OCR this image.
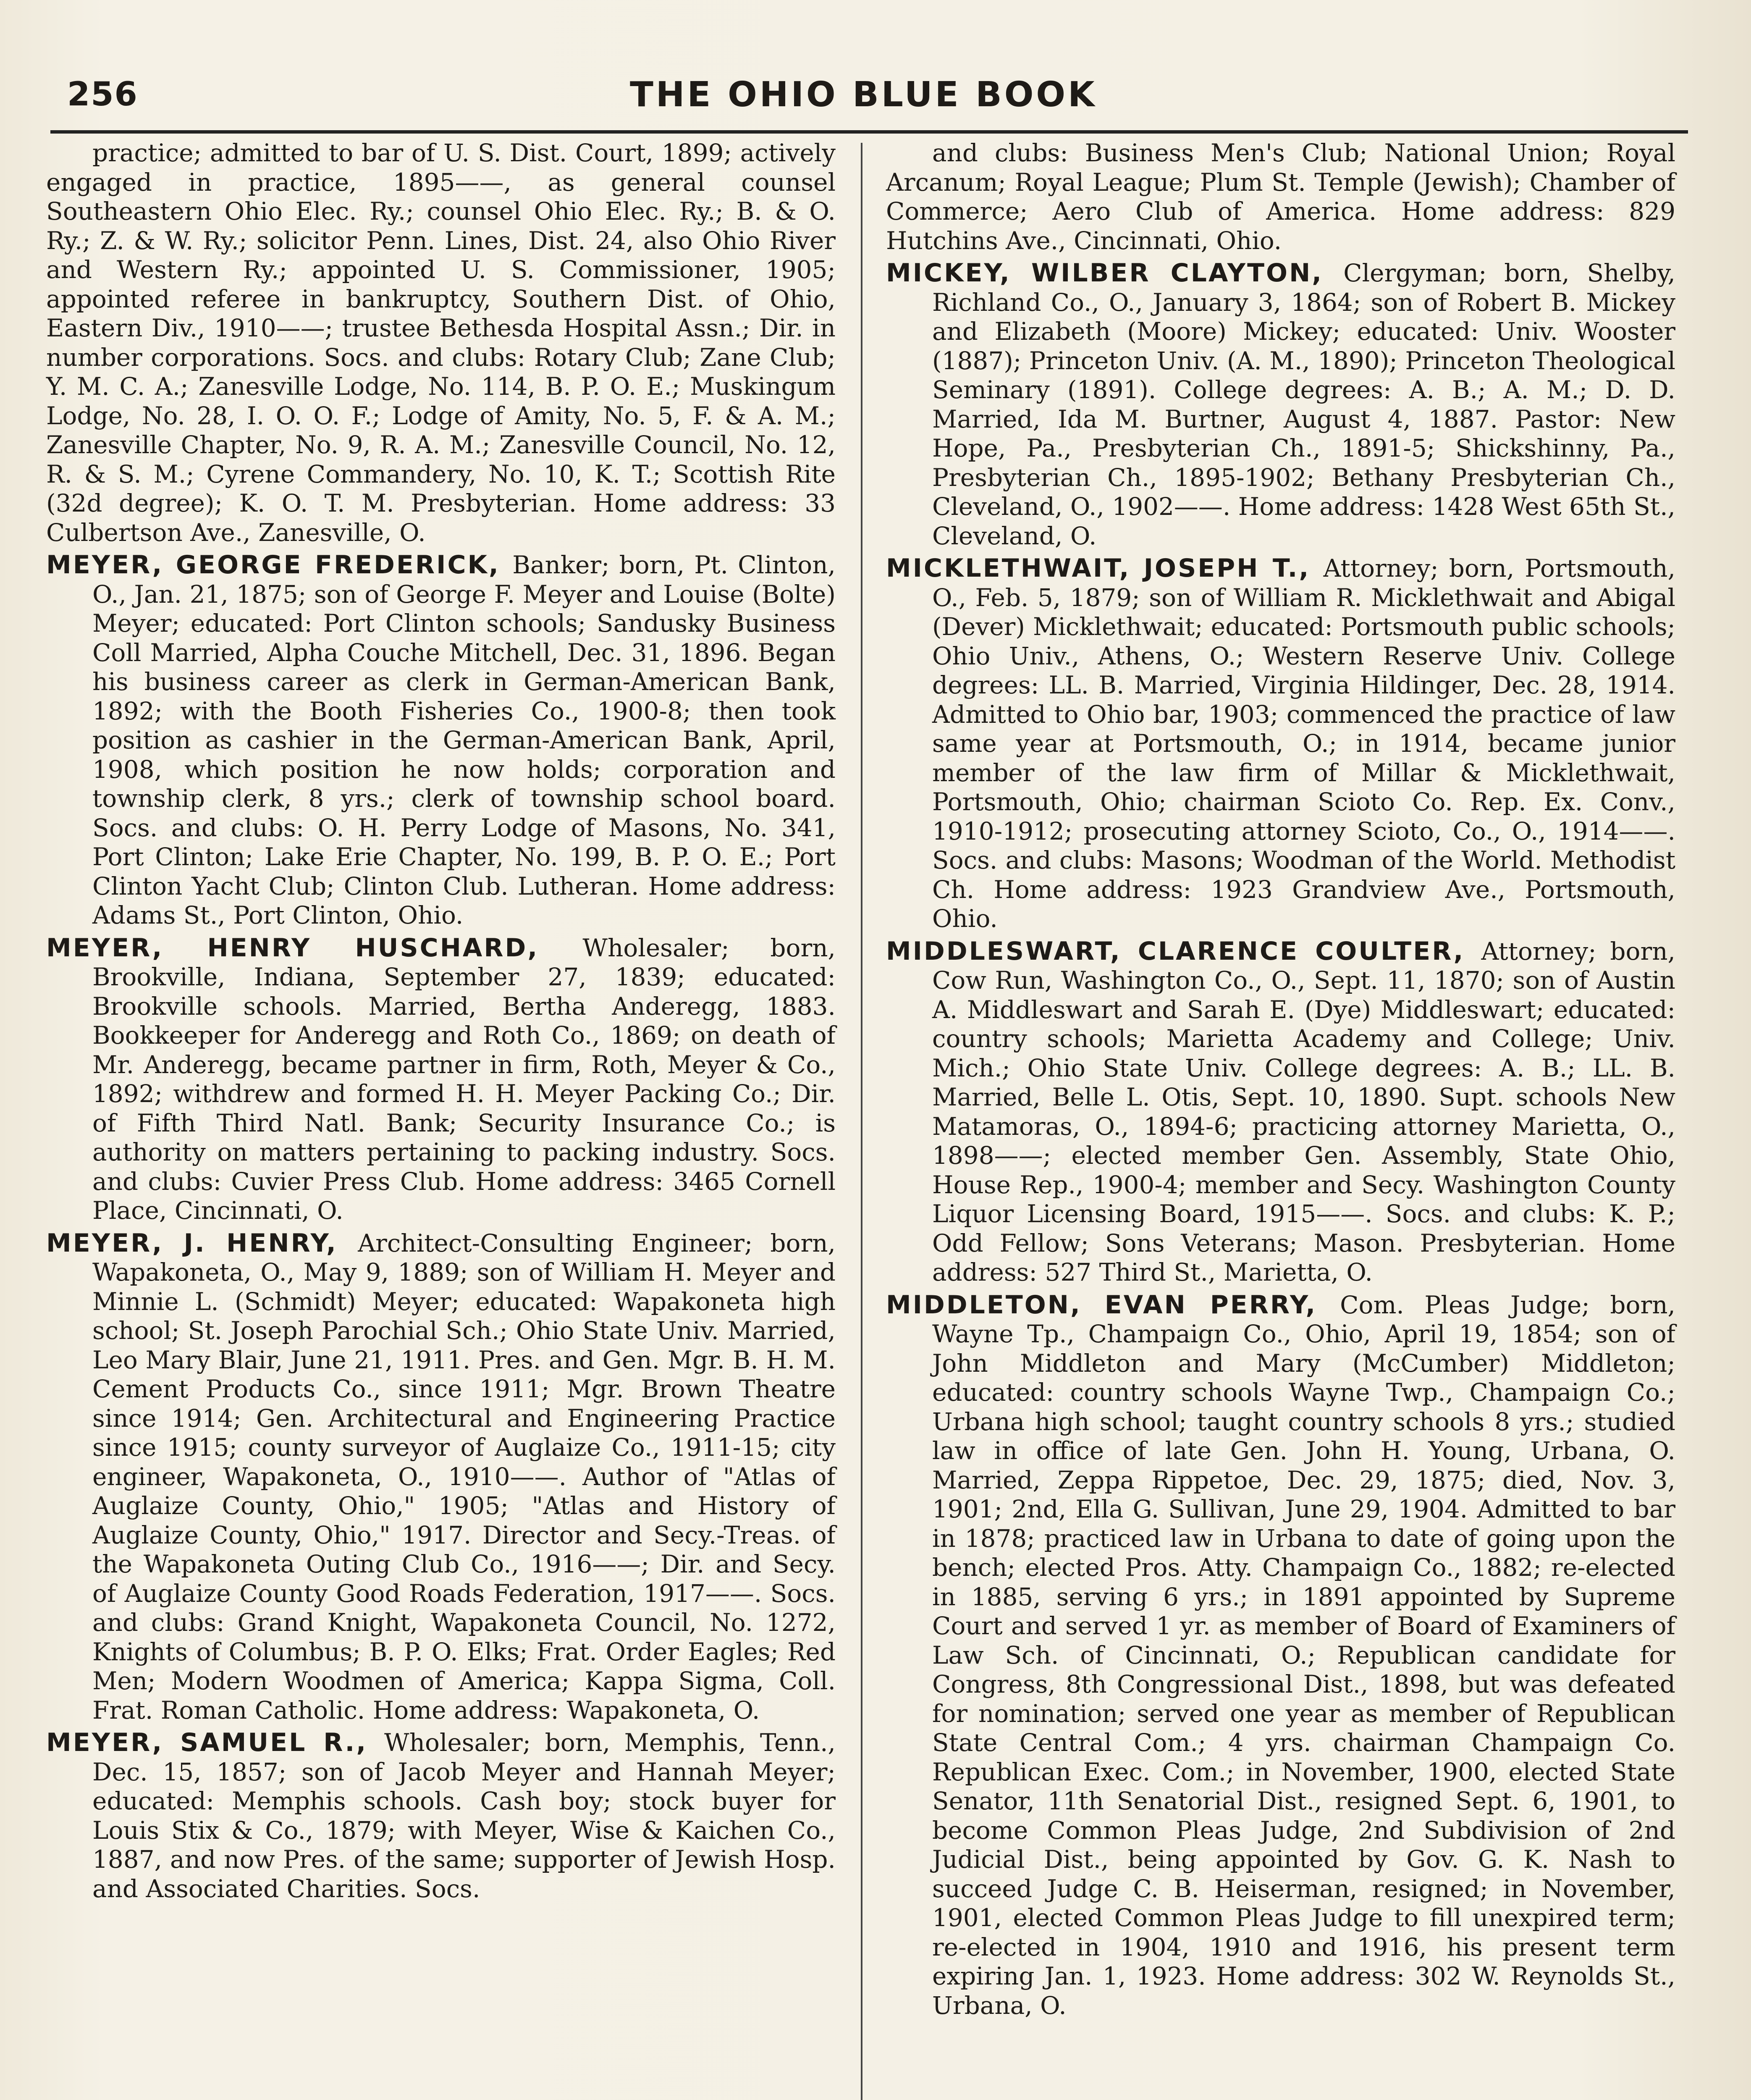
256	THE OHIO BLUE BOOK

practice; admitted to bar of U. S. Dist. Court, 1899; actively engaged in practice, 1895——, as general counsel Southeastern Ohio Elec. Ry.; counsel Ohio Elec. Ry.; B. & O. Ry.; Z. & W. Ry.; solicitor Penn. Lines, Dist. 24, also Ohio River and Western Ry.; appointed U. S. Commissioner, 1905; appointed referee in bankruptcy, Southern Dist. of Ohio, Eastern Div., 1910——; trustee Bethesda Hospital Assn.; Dir. in number corporations. Socs. and clubs: Rotary Club; Zane Club; Y. M. C. A.; Zanesville Lodge, No. 114, B. P. O. E.; Muskingum Lodge, No. 28, I. O. O. F.; Lodge of Amity, No. 5, F. & A. M.; Zanesville Chapter, No. 9, R. A. M.; Zanesville Council, No. 12, R. & S. M.; Cyrene Commandery, No. 10, K. T.; Scottish Rite (32d degree); K. O. T. M. Presbyterian. Home address: 33 Culbertson Ave., Zanesville, O.

MEYER, GEORGE FREDERICK, Banker; born, Pt. Clinton, O., Jan. 21, 1875; son of George F. Meyer and Louise (Bolte) Meyer; educated: Port Clinton schools; Sandusky Business Coll Married, Alpha Couche Mitchell, Dec. 31, 1896. Began his business career as clerk in German-American Bank, 1892; with the Booth Fisheries Co., 1900-8; then took position as cashier in the German-American Bank, April, 1908, which position he now holds; corporation and township clerk, 8 yrs.; clerk of township school board. Socs. and clubs: O. H. Perry Lodge of Masons, No. 341, Port Clinton; Lake Erie Chapter, No. 199, B. P. O. E.; Port Clinton Yacht Club; Clinton Club. Lutheran. Home address: Adams St., Port Clinton, Ohio.

MEYER, HENRY HUSCHARD, Wholesaler; born, Brookville, Indiana, September 27, 1839; educated: Brookville schools. Married, Bertha Anderegg, 1883. Bookkeeper for Anderegg and Roth Co., 1869; on death of Mr. Anderegg, became partner in firm, Roth, Meyer & Co., 1892; withdrew and formed H. H. Meyer Packing Co.; Dir. of Fifth Third Natl. Bank; Security Insurance Co.; is authority on matters pertaining to packing industry. Socs. and clubs: Cuvier Press Club. Home address: 3465 Cornell Place, Cincinnati, O.

MEYER, J. HENRY, Architect-Consulting Engineer; born, Wapakoneta, O., May 9, 1889; son of William H. Meyer and Minnie L. (Schmidt) Meyer; educated: Wapakoneta high school; St. Joseph Parochial Sch.; Ohio State Univ. Married, Leo Mary Blair, June 21, 1911. Pres. and Gen. Mgr. B. H. M. Cement Products Co., since 1911; Mgr. Brown Theatre since 1914; Gen. Architectural and Engineering Practice since 1915; county surveyor of Auglaize Co., 1911-15; city engineer, Wapakoneta, O., 1910——. Author of "Atlas of Auglaize County, Ohio," 1905; "Atlas and History of Auglaize County, Ohio," 1917. Director and Secy.-Treas. of the Wapakoneta Outing Club Co., 1916——; Dir. and Secy. of Auglaize County Good Roads Federation, 1917——. Socs. and clubs: Grand Knight, Wapakoneta Council, No. 1272, Knights of Columbus; B. P. O. Elks; Frat. Order Eagles; Red Men; Modern Woodmen of America; Kappa Sigma, Coll. Frat. Roman Catholic. Home address: Wapakoneta, O.

MEYER, SAMUEL R., Wholesaler; born, Memphis, Tenn., Dec. 15, 1857; son of Jacob Meyer and Hannah Meyer; educated: Memphis schools. Cash boy; stock buyer for Louis Stix & Co., 1879; with Meyer, Wise & Kaichen Co., 1887, and now Pres. of the same; supporter of Jewish Hosp. and Associated Charities. Socs.

and clubs: Business Men's Club; National Union; Royal Arcanum; Royal League; Plum St. Temple (Jewish); Chamber of Commerce; Aero Club of America. Home address: 829 Hutchins Ave., Cincinnati, Ohio.

MICKEY, WILBER CLAYTON, Clergyman; born, Shelby, Richland Co., O., January 3, 1864; son of Robert B. Mickey and Elizabeth (Moore) Mickey; educated: Univ. Wooster (1887); Princeton Univ. (A. M., 1890); Princeton Theological Seminary (1891). College degrees: A. B.; A. M.; D. D. Married, Ida M. Burtner, August 4, 1887. Pastor: New Hope, Pa., Presbyterian Ch., 1891-5; Shickshinny, Pa., Presbyterian Ch., 1895-1902; Bethany Presbyterian Ch., Cleveland, O., 1902——. Home address: 1428 West 65th St., Cleveland, O.

MICKLETHWAIT, JOSEPH T., Attorney; born, Portsmouth, O., Feb. 5, 1879; son of William R. Micklethwait and Abigal (Dever) Micklethwait; educated: Portsmouth public schools; Ohio Univ., Athens, O.; Western Reserve Univ. College degrees: LL. B. Married, Virginia Hildinger, Dec. 28, 1914. Admitted to Ohio bar, 1903; commenced the practice of law same year at Portsmouth, O.; in 1914, became junior member of the law firm of Millar & Micklethwait, Portsmouth, Ohio; chairman Scioto Co. Rep. Ex. Conv., 1910-1912; prosecuting attorney Scioto, Co., O., 1914——. Socs. and clubs: Masons; Woodman of the World. Methodist Ch. Home address: 1923 Grandview Ave., Portsmouth, Ohio.

MIDDLESWART, CLARENCE COULTER, Attorney; born, Cow Run, Washington Co., O., Sept. 11, 1870; son of Austin A. Middleswart and Sarah E. (Dye) Middleswart; educated: country schools; Marietta Academy and College; Univ. Mich.; Ohio State Univ. College degrees: A. B.; LL. B. Married, Belle L. Otis, Sept. 10, 1890. Supt. schools New Matamoras, O., 1894-6; practicing attorney Marietta, O., 1898——; elected member Gen. Assembly, State Ohio, House Rep., 1900-4; member and Secy. Washington County Liquor Licensing Board, 1915——. Socs. and clubs: K. P.; Odd Fellow; Sons Veterans; Mason. Presbyterian. Home address: 527 Third St., Marietta, O.

MIDDLETON, EVAN PERRY, Com. Pleas Judge; born, Wayne Tp., Champaign Co., Ohio, April 19, 1854; son of John Middleton and Mary (McCumber) Middleton; educated: country schools Wayne Twp., Champaign Co.; Urbana high school; taught country schools 8 yrs.; studied law in office of late Gen. John H. Young, Urbana, O. Married, Zeppa Rippetoe, Dec. 29, 1875; died, Nov. 3, 1901; 2nd, Ella G. Sullivan, June 29, 1904. Admitted to bar in 1878; practiced law in Urbana to date of going upon the bench; elected Pros. Atty. Champaign Co., 1882; re-elected in 1885, serving 6 yrs.; in 1891 appointed by Supreme Court and served 1 yr. as member of Board of Examiners of Law Sch. of Cincinnati, O.; Republican candidate for Congress, 8th Congressional Dist., 1898, but was defeated for nomination; served one year as member of Republican State Central Com.; 4 yrs. chairman Champaign Co. Republican Exec. Com.; in November, 1900, elected State Senator, 11th Senatorial Dist., resigned Sept. 6, 1901, to become Common Pleas Judge, 2nd Subdivision of 2nd Judicial Dist., being appointed by Gov. G. K. Nash to succeed Judge C. B. Heiserman, resigned; in November, 1901, elected Common Pleas Judge to fill unexpired term; re-elected in 1904, 1910 and 1916, his present term expiring Jan. 1, 1923. Home address: 302 W. Reynolds St., Urbana, O.
